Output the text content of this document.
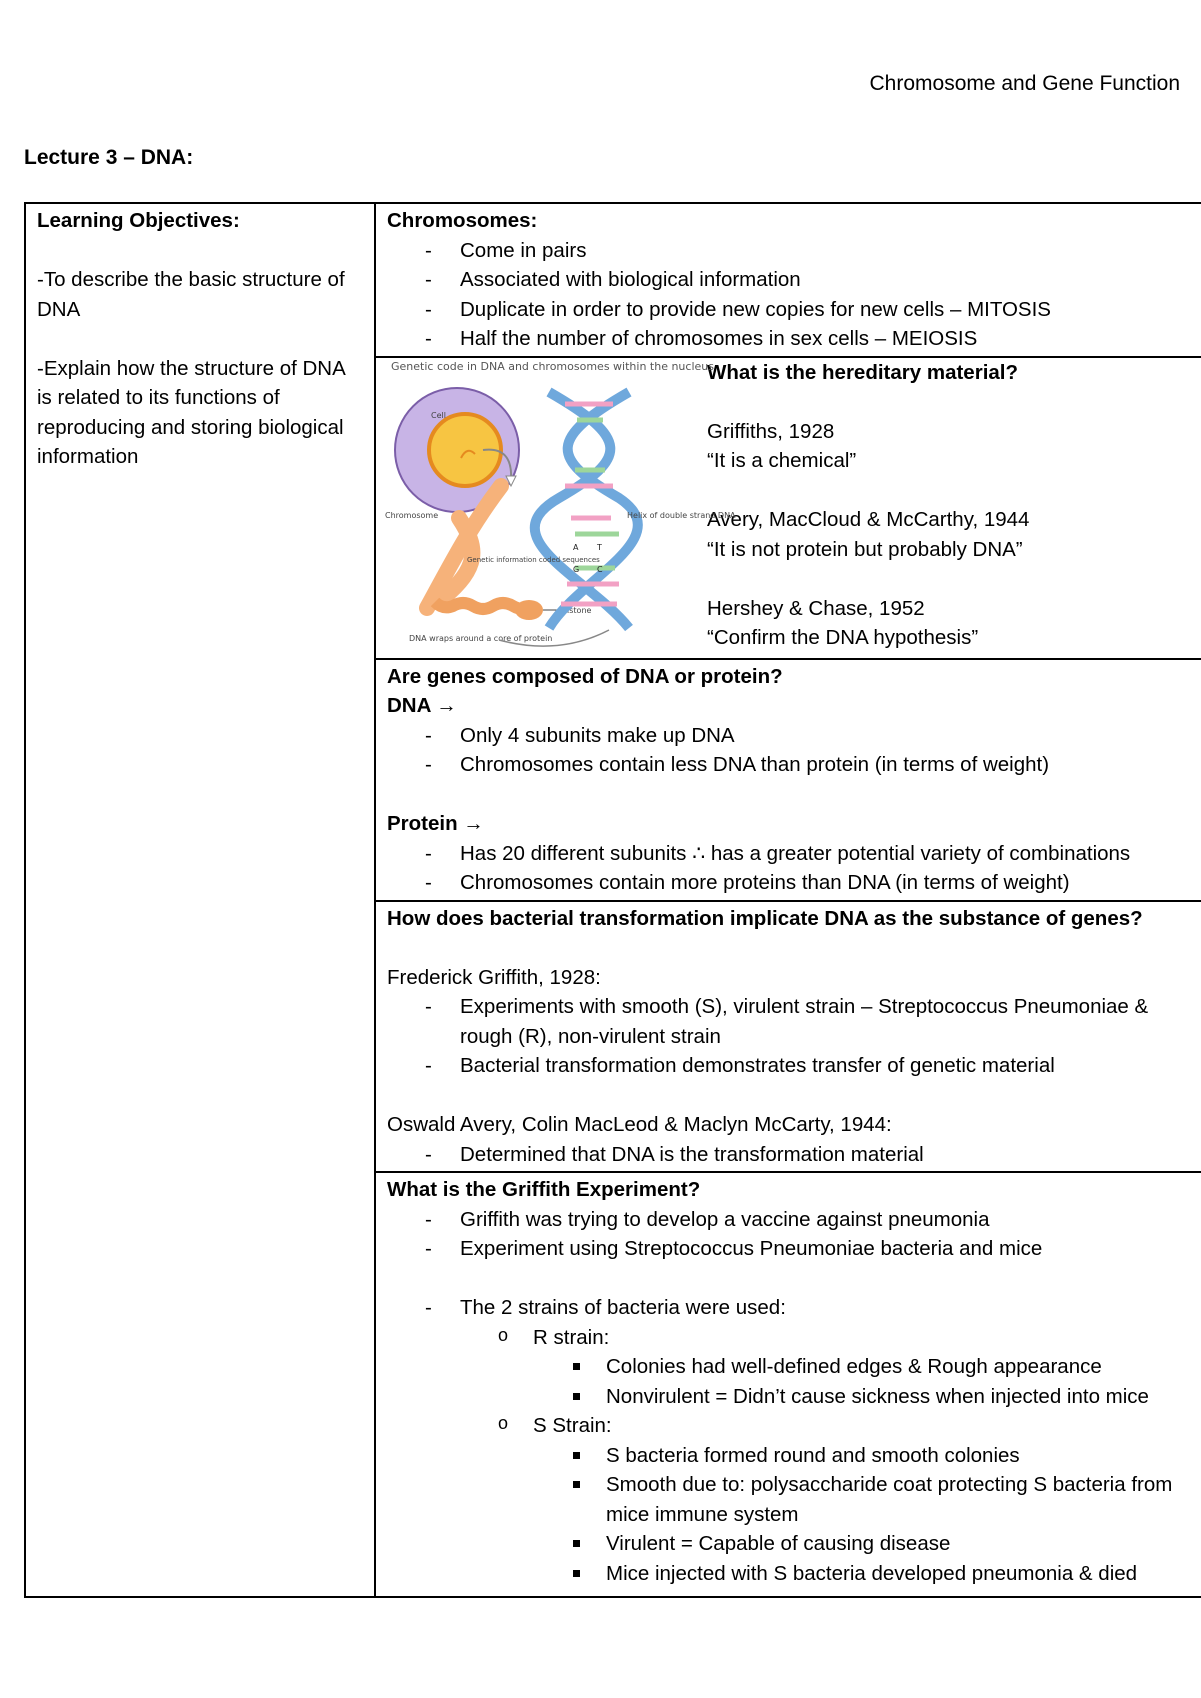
Chromosome and Gene Function
Lecture 3 – DNA:
Learning Objectives:
-To describe the basic structure of DNA
-Explain how the structure of DNA is related to its functions of reproducing and storing biological information

Chromosomes:
- Come in pairs
- Associated with biological information
- Duplicate in order to provide new copies for new cells – MITOSIS
- Half the number of chromosomes in sex cells – MEIOSIS

Genetic code in DNA and chromosomes within the nucleus
Cell
Chromosome
Histone
DNA wraps around a core of protein
A T
G C
Helix of double strand DNA
Genetic information coded sequences
What is the hereditary material?
Griffiths, 1928
“It is a chemical”
Avery, MacCloud & McCarthy, 1944
“It is not protein but probably DNA”
Hershey & Chase, 1952
“Confirm the DNA hypothesis”

Are genes composed of DNA or protein?
DNA →
- Only 4 subunits make up DNA
- Chromosomes contain less DNA than protein (in terms of weight)
Protein →
- Has 20 different subunits ∴ has a greater potential variety of combinations
- Chromosomes contain more proteins than DNA (in terms of weight)

How does bacterial transformation implicate DNA as the substance of genes?
Frederick Griffith, 1928:
- Experiments with smooth (S), virulent strain – Streptococcus Pneumoniae & rough (R), non-virulent strain
- Bacterial transformation demonstrates transfer of genetic material
Oswald Avery, Colin MacLeod & Maclyn McCarty, 1944:
- Determined that DNA is the transformation material

What is the Griffith Experiment?
- Griffith was trying to develop a vaccine against pneumonia
- Experiment using Streptococcus Pneumoniae bacteria and mice
- The 2 strains of bacteria were used:
o R strain:
Colonies had well-defined edges & Rough appearance
Nonvirulent = Didn’t cause sickness when injected into mice
o S Strain:
S bacteria formed round and smooth colonies
Smooth due to: polysaccharide coat protecting S bacteria from mice immune system
Virulent = Capable of causing disease
Mice injected with S bacteria developed pneumonia & died
